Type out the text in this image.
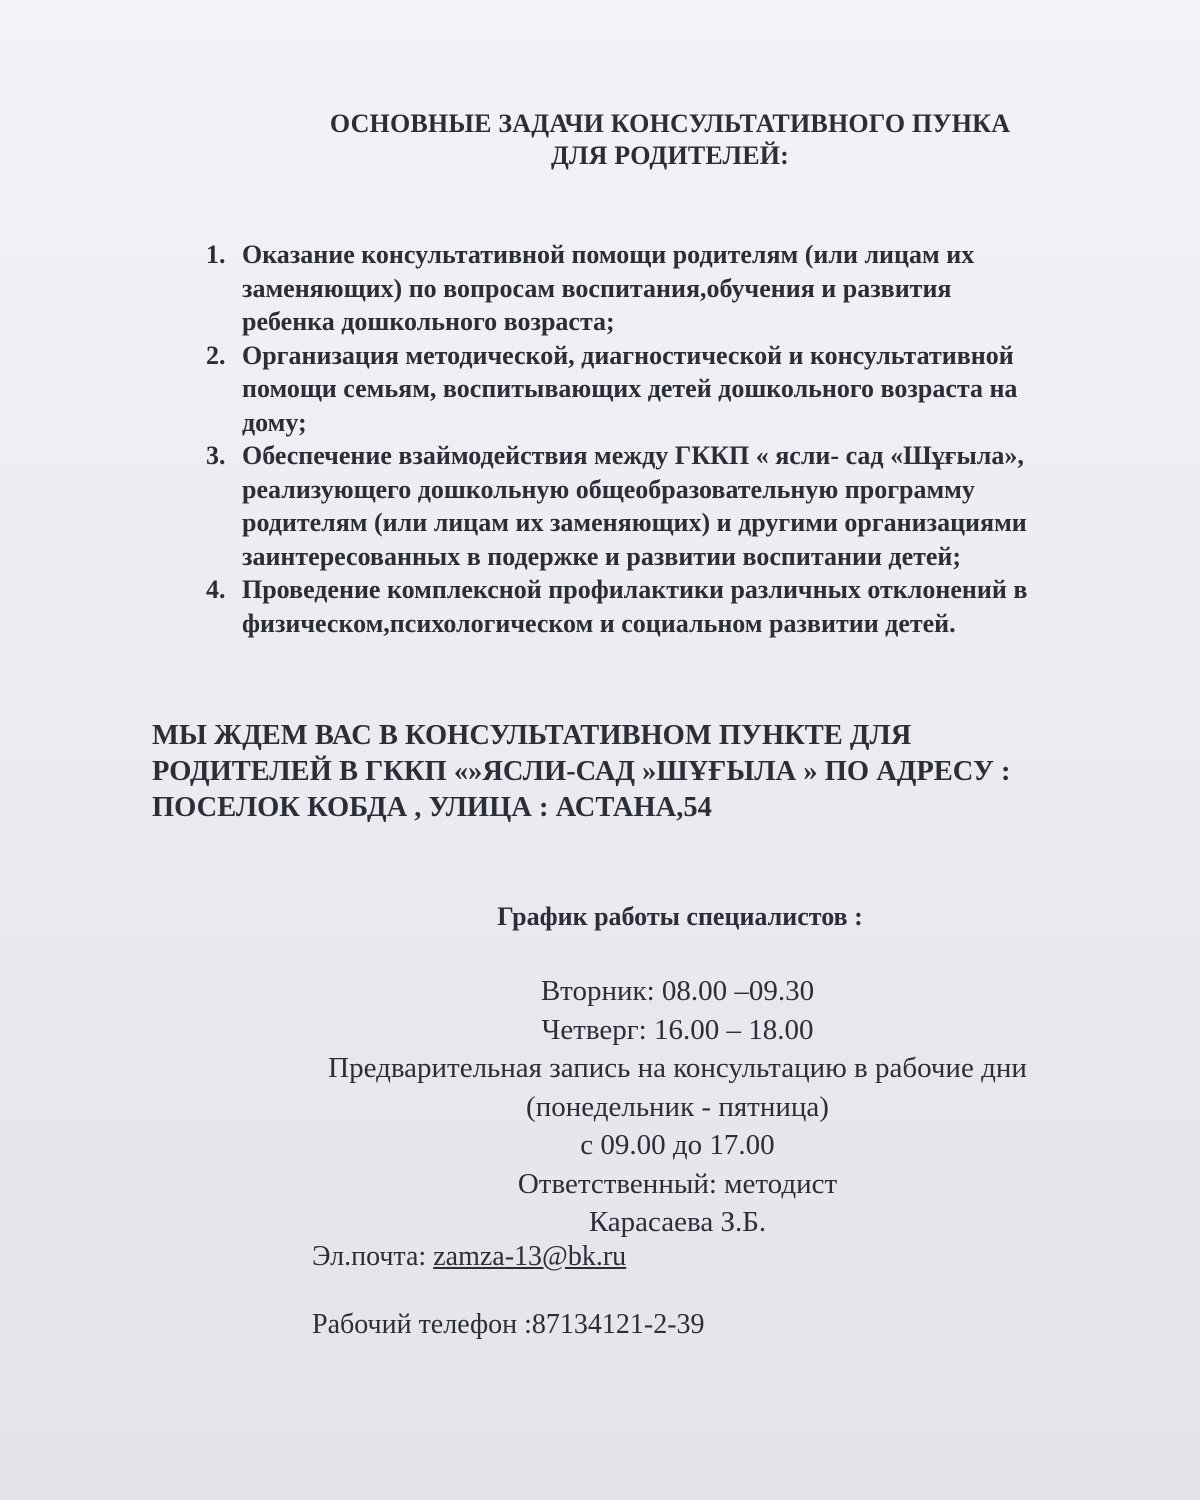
ОСНОВНЫЕ ЗАДАЧИ КОНСУЛЬТАТИВНОГО ПУНКА
ДЛЯ РОДИТЕЛЕЙ:
1. Оказание консультативной помощи родителям (или лицам их
заменяющих) по вопросам воспитания,обучения и развития
ребенка дошкольного возраста;
2. Организация методической, диагностической и консультативной
помощи семьям, воспитывающих детей дошкольного возраста на
дому;
3. Обеспечение взаймодействия между ГККП « ясли- сад «Шұғыла»,
реализующего дошкольную общеобразовательную программу
родителям (или лицам их заменяющих) и другими организациями
заинтересованных в подержке и развитии воспитании детей;
4. Проведение комплексной профилактики различных отклонений в
физическом,психологическом и социальном развитии детей.
МЫ ЖДЕМ ВАС В КОНСУЛЬТАТИВНОМ ПУНКТЕ ДЛЯ
РОДИТЕЛЕЙ В ГККП «»ЯСЛИ-САД »ШҰҒЫЛА » ПО АДРЕСУ :
ПОСЕЛОК КОБДА , УЛИЦА : АСТАНА,54
График работы специалистов :
Вторник: 08.00 –09.30
Четверг: 16.00 – 18.00
Предварительная запись на консультацию в рабочие дни
(понедельник - пятница)
с 09.00 до 17.00
Ответственный: методист
Карасаева З.Б.
Эл.почта: zamza-13@bk.ru
Рабочий телефон :87134121-2-39
